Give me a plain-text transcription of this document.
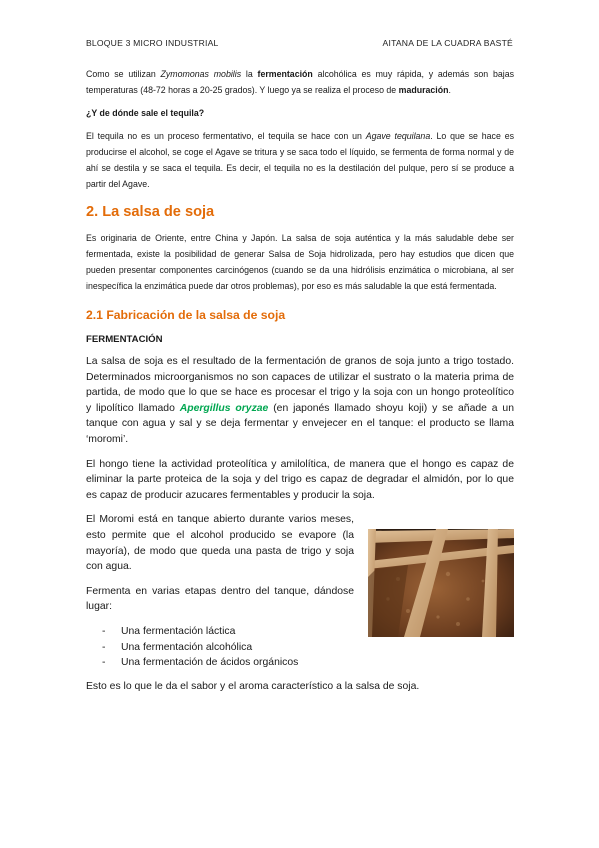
BLOQUE 3 MICRO INDUSTRIAL	AITANA DE LA CUADRA BASTÉ

Como se utilizan Zymomonas mobilis la fermentación alcohólica es muy rápida, y además son bajas temperaturas (48-72 horas a 20-25 grados). Y luego ya se realiza el proceso de maduración.

¿Y de dónde sale el tequila?

El tequila no es un proceso fermentativo, el tequila se hace con un Agave tequilana. Lo que se hace es producirse el alcohol, se coge el Agave se tritura y se saca todo el líquido, se fermenta de forma normal y de ahí se destila y se saca el tequila. Es decir, el tequila no es la destilación del pulque, pero sí se produce a partir del Agave.

2. La salsa de soja

Es originaria de Oriente, entre China y Japón. La salsa de soja auténtica y la más saludable debe ser fermentada, existe la posibilidad de generar Salsa de Soja hidrolizada, pero hay estudios que dicen que pueden presentar componentes carcinógenos (cuando se da una hidrólisis enzimática o microbiana, al ser inespecífica la enzimática puede dar otros problemas), por eso es más saludable la que está fermentada.

2.1 Fabricación de la salsa de soja
FERMENTACIÓN

La salsa de soja es el resultado de la fermentación de granos de soja junto a trigo tostado. Determinados microorganismos no son capaces de utilizar el sustrato o la materia prima de partida, de modo que lo que se hace es procesar el trigo y la soja con un hongo proteolítico y lipolítico llamado Apergillus oryzae (en japonés llamado shoyu koji) y se añade a un tanque con agua y sal y se deja fermentar y envejecer en el tanque: el producto se llama ‘moromi’.

El hongo tiene la actividad proteolítica y amilolítica, de manera que el hongo es capaz de eliminar la parte proteica de la soja y del trigo es capaz de degradar el almidón, por lo que es capaz de producir azucares fermentables y producir la soja.

El Moromi está en tanque abierto durante varios meses, esto permite que el alcohol producido se evapore (la mayoría), de modo que queda una pasta de trigo y soja con agua.

Fermenta en varias etapas dentro del tanque, dándose lugar:

- Una fermentación láctica
- Una fermentación alcohólica
- Una fermentación de ácidos orgánicos

Esto es lo que le da el sabor y el aroma característico a la salsa de soja.
